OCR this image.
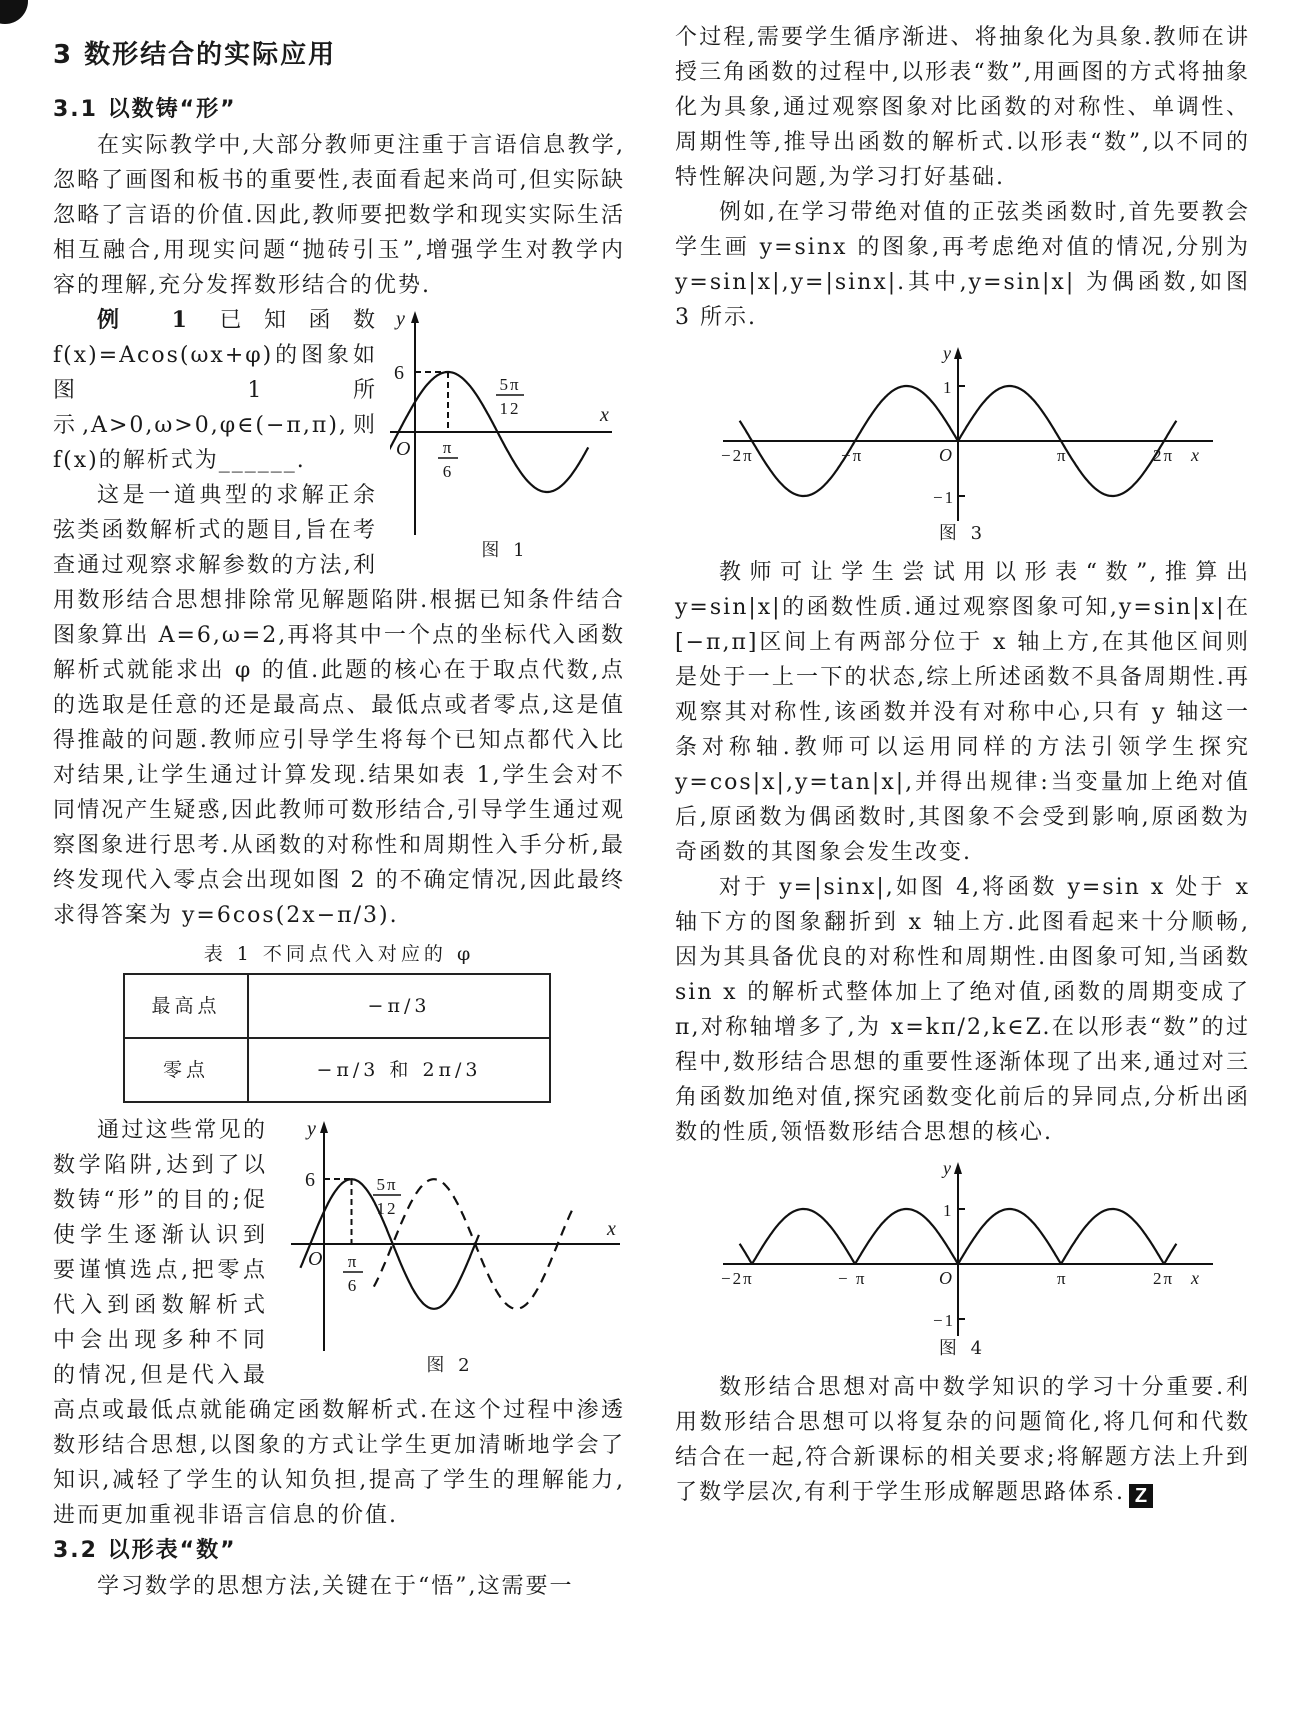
3 数形结合的实际应用
3.1 以数铸“形”

在实际教学中,大部分教师更注重于言语信息教学,忽略了画图和板书的重要性,表面看起来尚可,但实际缺忽略了言语的价值.因此,教师要把数学和现实实际生活相互融合,用现实问题“抛砖引玉”,增强学生对教学内容的理解,充分发挥数形结合的优势.

y
x
O
6
π
6
5π
12
图 1

例 1 已知函数 f(x)=Acos(ωx+φ)的图象如图 1 所示,A>0,ω>0,φ∈(−π,π),则 f(x)的解析式为______.

这是一道典型的求解正余弦类函数解析式的题目,旨在考查通过观察求解参数的方法,利用数形结合思想排除常见解题陷阱.根据已知条件结合图象算出 A=6,ω=2,再将其中一个点的坐标代入函数解析式就能求出 φ 的值.此题的核心在于取点代数,点的选取是任意的还是最高点、最低点或者零点,这是值得推敲的问题.教师应引导学生将每个已知点都代入比对结果,让学生通过计算发现.结果如表 1,学生会对不同情况产生疑惑,因此教师可数形结合,引导学生通过观察图象进行思考.从函数的对称性和周期性入手分析,最终发现代入零点会出现如图 2 的不确定情况,因此最终求得答案为 y=6cos(2x−π/3).

表 1 不同点代入对应的 φ
最高点	−π/3
零点	−π/3 和 2π/3
y
x
O
6
π
6
5π
12
图 2

通过这些常见的数学陷阱,达到了以数铸“形”的目的;促使学生逐渐认识到要谨慎选点,把零点代入到函数解析式中会出现多种不同的情况,但是代入最高点或最低点就能确定函数解析式.在这个过程中渗透数形结合思想,以图象的方式让学生更加清晰地学会了知识,减轻了学生的认知负担,提高了学生的理解能力,进而更加重视非语言信息的价值.

3.2 以形表“数”

学习数学的思想方法,关键在于“悟”,这需要一

个过程,需要学生循序渐进、将抽象化为具象.教师在讲授三角函数的过程中,以形表“数”,用画图的方式将抽象化为具象,通过观察图象对比函数的对称性、单调性、周期性等,推导出函数的解析式.以形表“数”,以不同的特性解决问题,为学习打好基础.

例如,在学习带绝对值的正弦类函数时,首先要教会学生画 y=sinx 的图象,再考虑绝对值的情况,分别为 y=sin|x|,y=|sinx|.其中,y=sin|x| 为偶函数,如图 3 所示.

y
1
−1
O
−2π	−π	π	2π x
图 3

教师可让学生尝试用以形表“数”,推算出 y=sin|x|的函数性质.通过观察图象可知,y=sin|x|在[−π,π]区间上有两部分位于 x 轴上方,在其他区间则是处于一上一下的状态,综上所述函数不具备周期性.再观察其对称性,该函数并没有对称中心,只有 y 轴这一条对称轴.教师可以运用同样的方法引领学生探究 y=cos|x|,y=tan|x|,并得出规律:当变量加上绝对值后,原函数为偶函数时,其图象不会受到影响,原函数为奇函数的其图象会发生改变.

对于 y=|sinx|,如图 4,将函数 y=sin x 处于 x 轴下方的图象翻折到 x 轴上方.此图看起来十分顺畅,因为其具备优良的对称性和周期性.由图象可知,当函数 sin x 的解析式整体加上了绝对值,函数的周期变成了 π,对称轴增多了,为 x=kπ/2,k∈Z.在以形表“数”的过程中,数形结合思想的重要性逐渐体现了出来,通过对三角函数加绝对值,探究函数变化前后的异同点,分析出函数的性质,领悟数形结合思想的核心.

y
1
−1
O
−2π	− π	π	2π x
图 4

数形结合思想对高中数学知识的学习十分重要.利用数形结合思想可以将复杂的问题简化,将几何和代数结合在一起,符合新课标的相关要求;将解题方法上升到了数学层次,有利于学生形成解题思路体系. Z
